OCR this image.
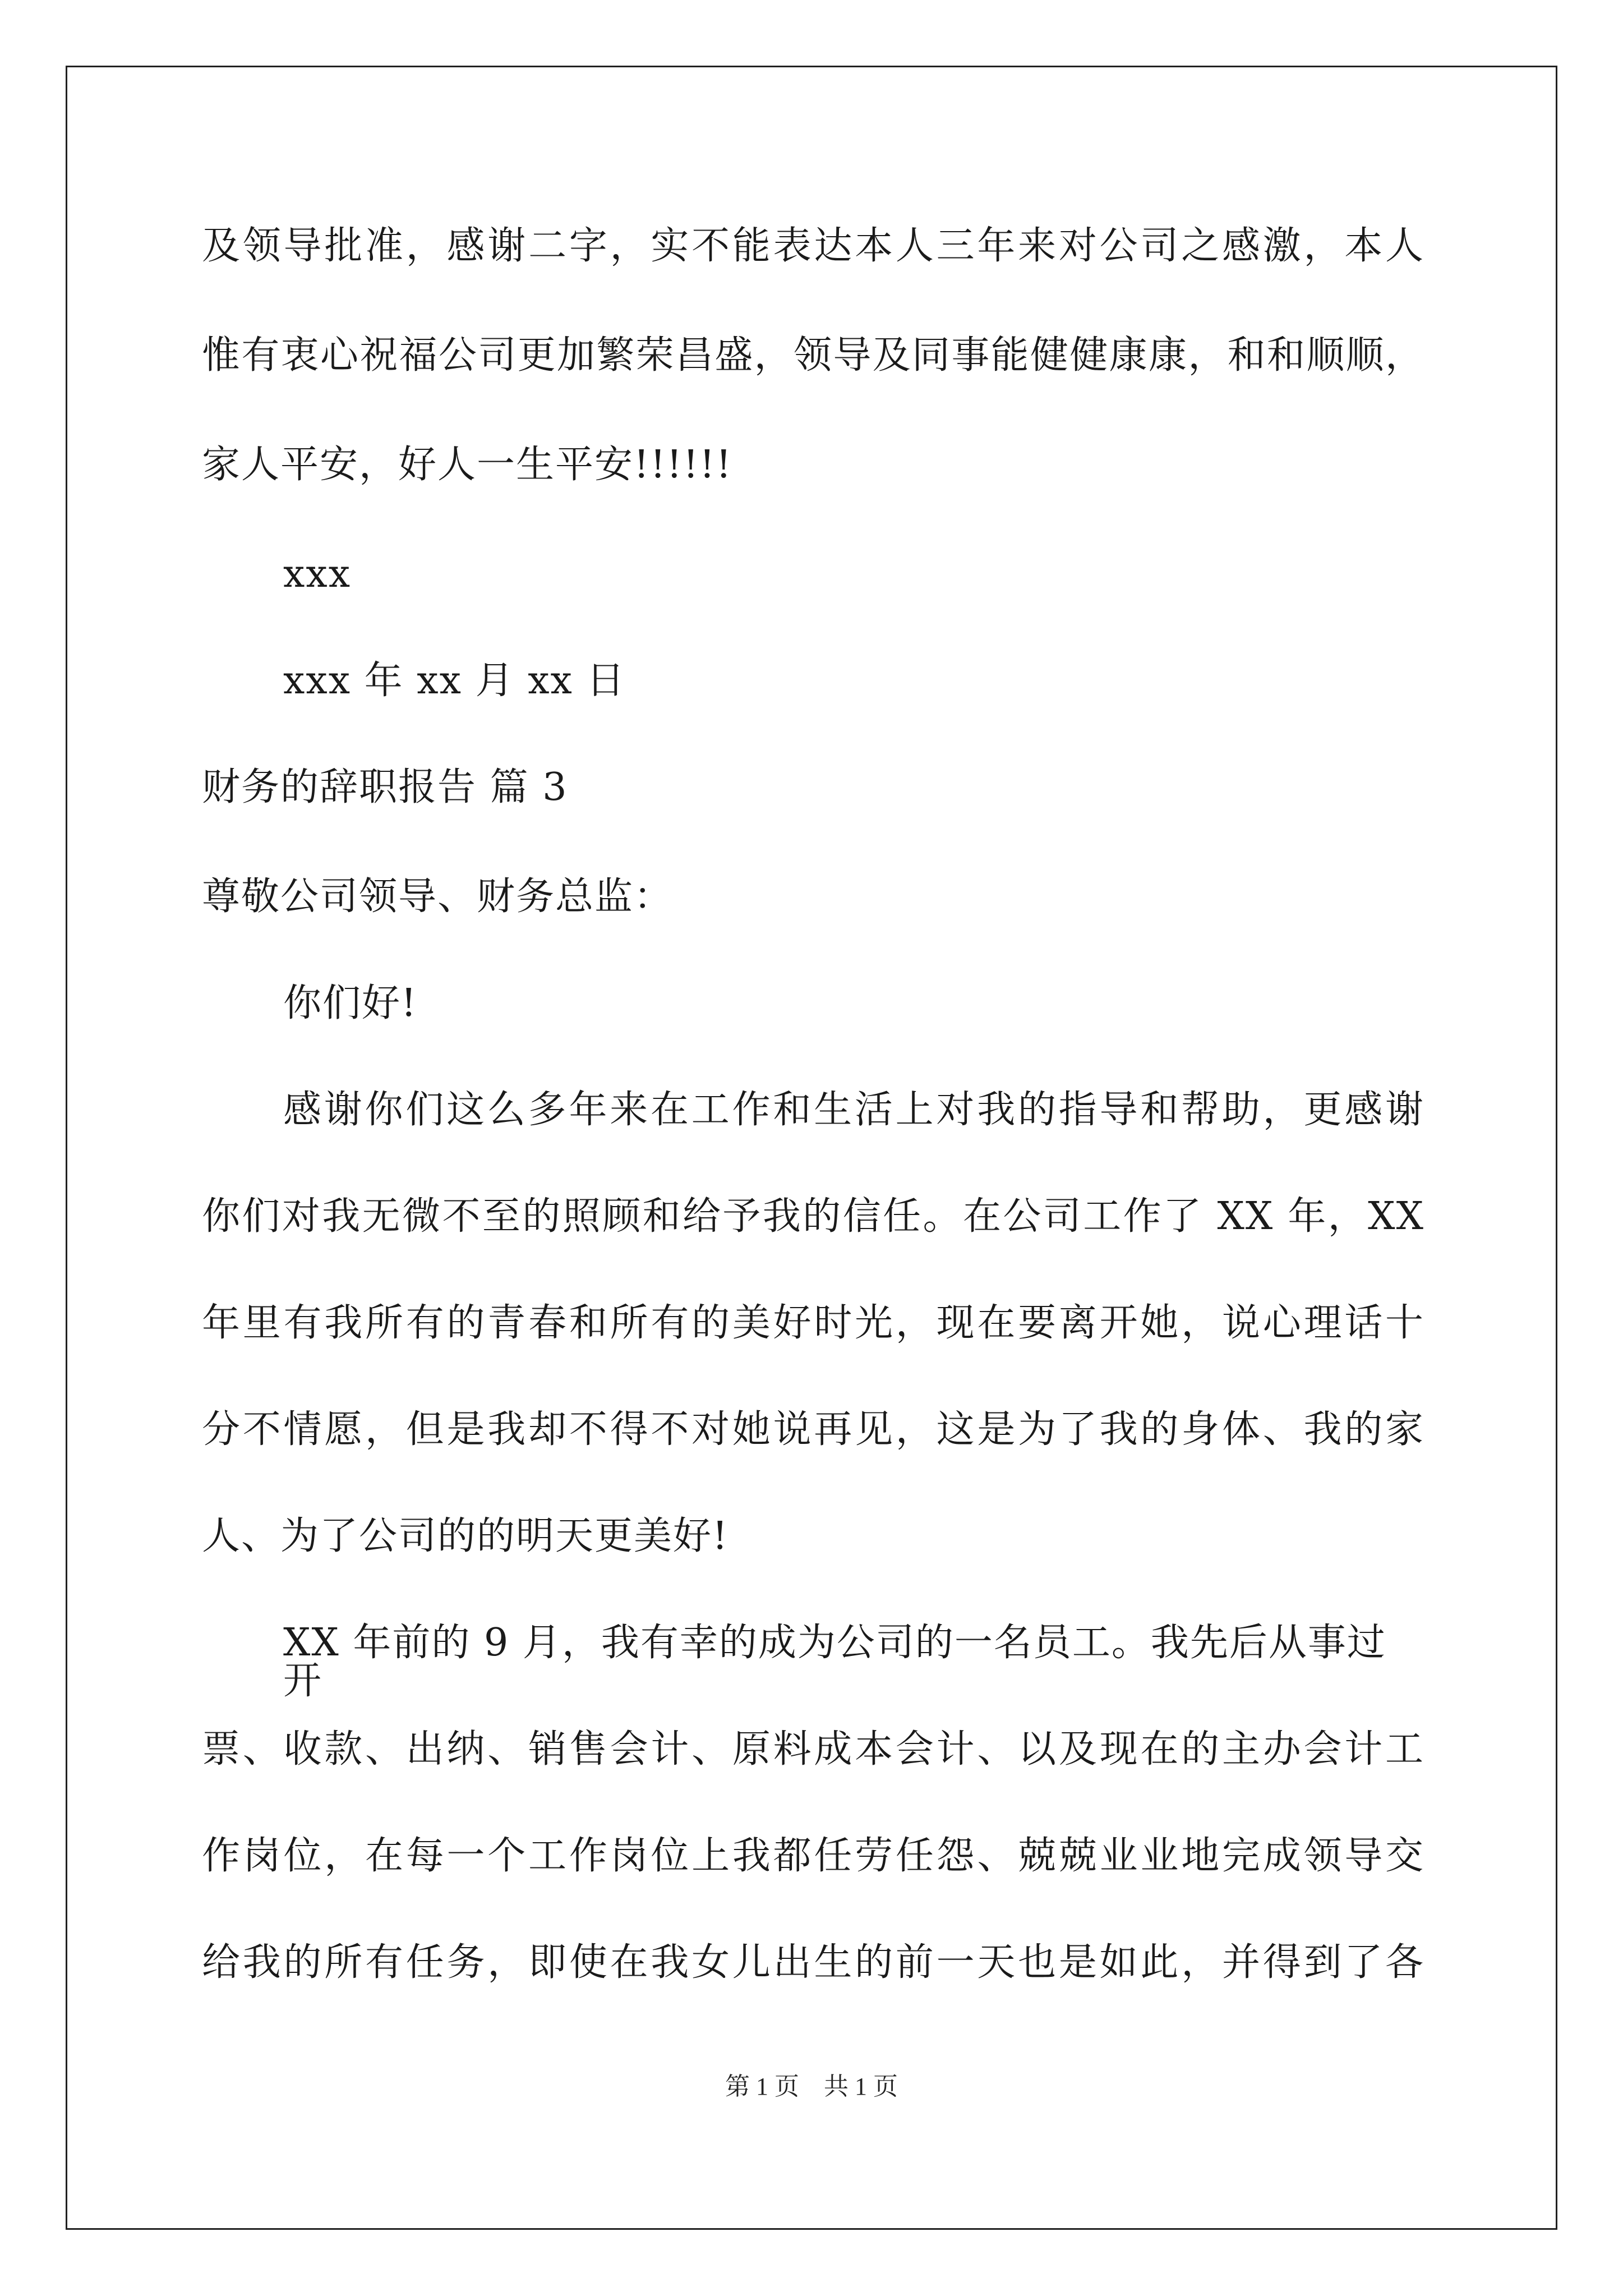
及领导批准，感谢二字，实不能表达本人三年来对公司之感激，本人
惟有衷心祝福公司更加繁荣昌盛，领导及同事能健健康康，和和顺顺，
家人平安，好人一生平安!!!!!!
xxx
xxx 年 xx 月 xx 日
财务的辞职报告 篇 3
尊敬公司领导、财务总监：
你们好!
感谢你们这么多年来在工作和生活上对我的指导和帮助，更感谢
你们对我无微不至的照顾和给予我的信任。在公司工作了 XX 年，XX
年里有我所有的青春和所有的美好时光，现在要离开她，说心理话十
分不情愿，但是我却不得不对她说再见，这是为了我的身体、我的家
人、为了公司的的明天更美好!
XX 年前的 9 月，我有幸的成为公司的一名员工。我先后从事过开
票、收款、出纳、销售会计、原料成本会计、以及现在的主办会计工
作岗位，在每一个工作岗位上我都任劳任怨、兢兢业业地完成领导交
给我的所有任务，即使在我女儿出生的前一天也是如此，并得到了各
第 1 页　共 1 页
